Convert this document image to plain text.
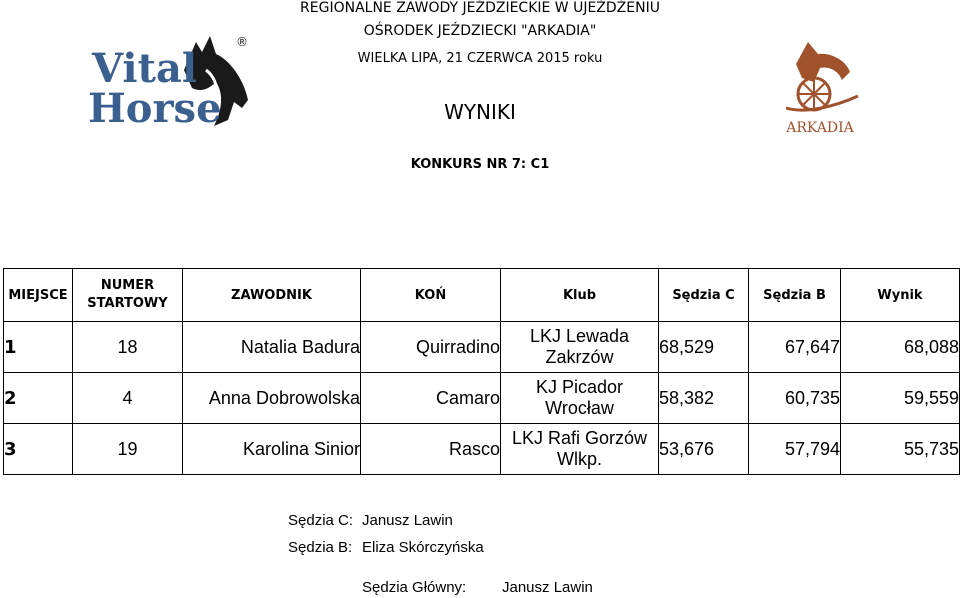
REGIONALNE ZAWODY JEŹDZIECKIE W UJEŻDŻENIU
OŚRODEK JEŹDZIECKI "ARKADIA"
WIELKA LIPA, 21 CZERWCA 2015 roku
WYNIKI
KONKURS NR 7: C1
Vital
Horse
®
ARKADIA
MIEJSCE	NUMER STARTOWY	ZAWODNIK	KOŃ	Klub	Sędzia C	Sędzia B	Wynik
1	18	Natalia Badura	Quirradino	LKJ Lewada Zakrzów	68,529	67,647	68,088
2	4	Anna Dobrowolska	Camaro	KJ Picador Wrocław	58,382	60,735	59,559
3	19	Karolina Sinior	Rasco	LKJ Rafi Gorzów Wlkp.	53,676	57,794	55,735
Sędzia C: Janusz Lawin
Sędzia B: Eliza Skórczyńska
Sędzia Główny: Janusz Lawin
